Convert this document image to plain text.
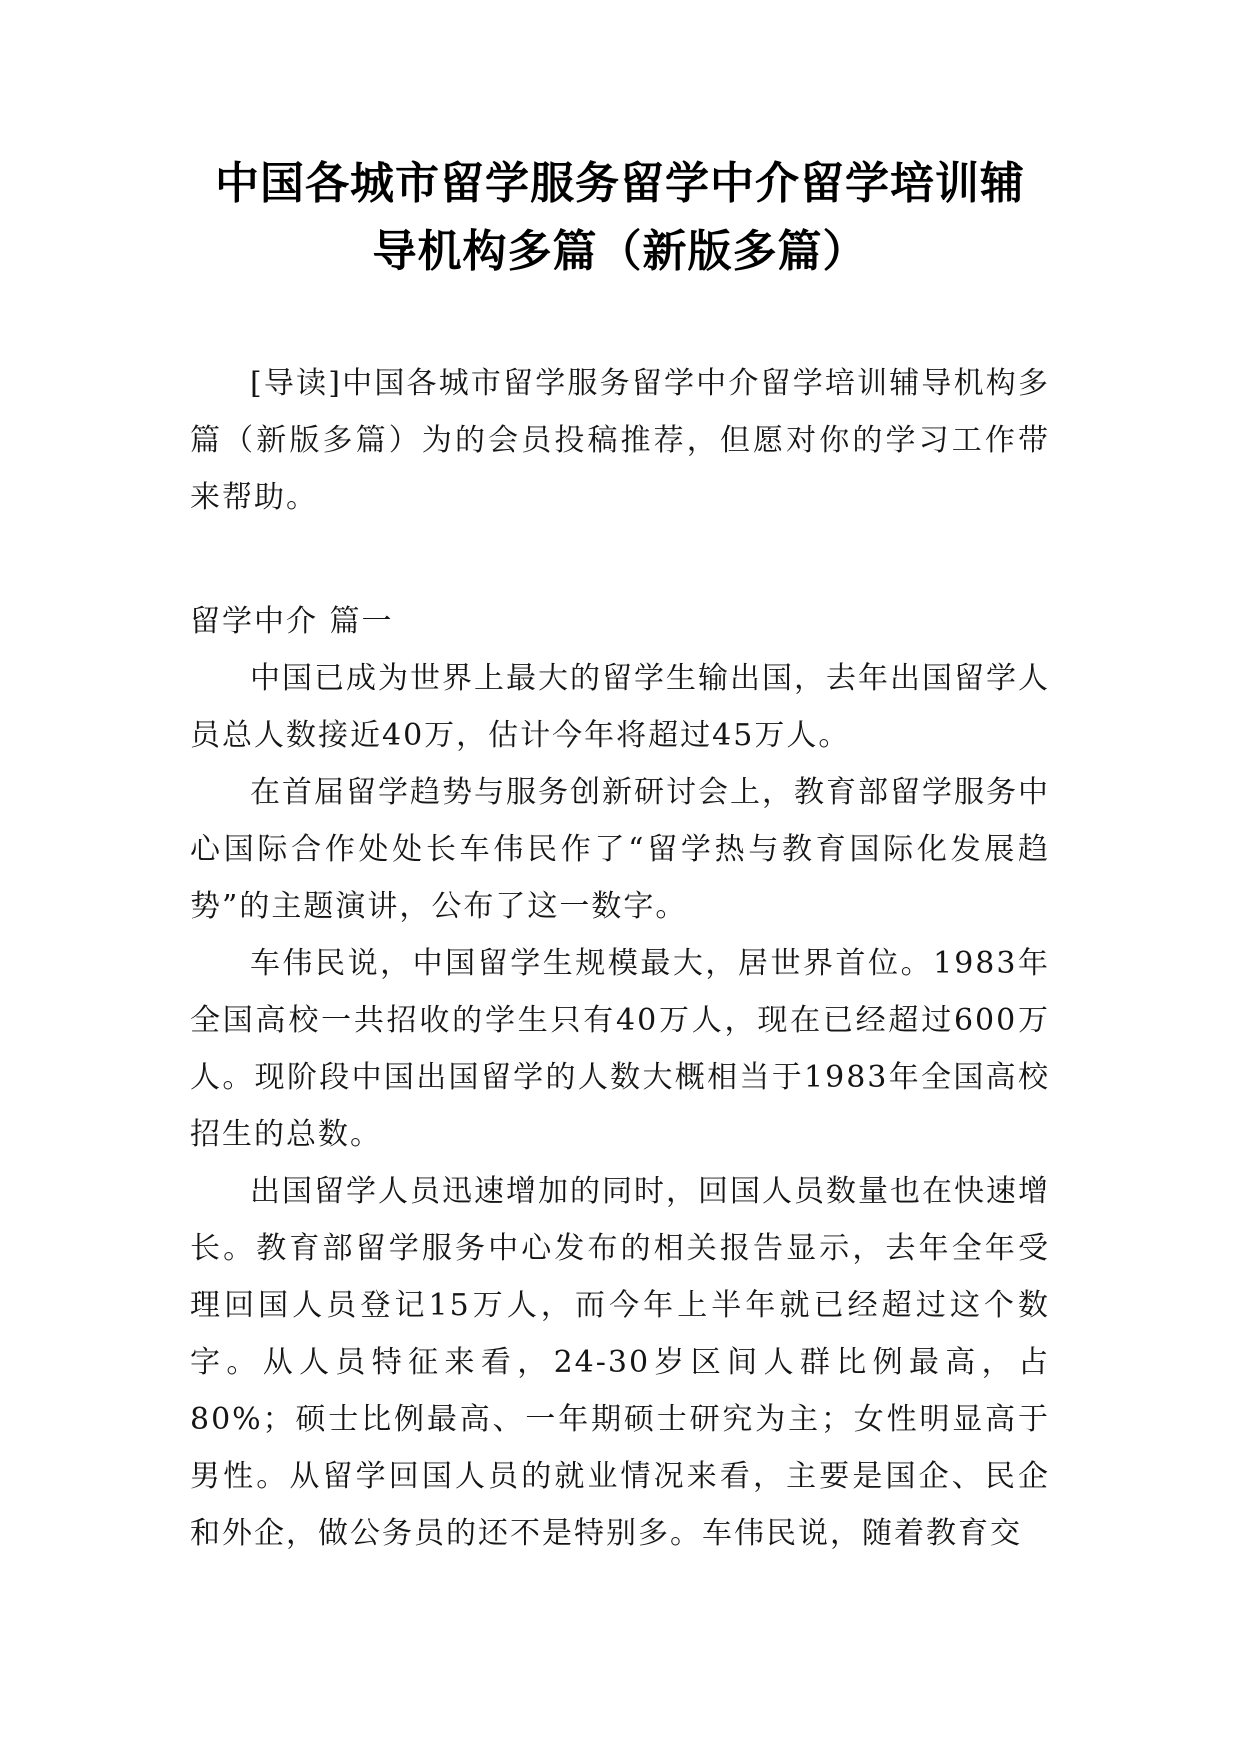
中国各城市留学服务留学中介留学培训辅
导机构多篇（新版多篇）

[导读]中国各城市留学服务留学中介留学培训辅导机构多篇（新版多篇）为的会员投稿推荐，但愿对你的学习工作带来帮助。

留学中介 篇一

中国已成为世界上最大的留学生输出国，去年出国留学人员总人数接近40万，估计今年将超过45万人。

在首届留学趋势与服务创新研讨会上，教育部留学服务中心国际合作处处长车伟民作了“留学热与教育国际化发展趋势”的主题演讲，公布了这一数字。

车伟民说，中国留学生规模最大，居世界首位。1983年全国高校一共招收的学生只有40万人，现在已经超过600万人。现阶段中国出国留学的人数大概相当于1983年全国高校招生的总数。

出国留学人员迅速增加的同时，回国人员数量也在快速增长。教育部留学服务中心发布的相关报告显示，去年全年受理回国人员登记15万人，而今年上半年就已经超过这个数字。从人员特征来看，24-30岁区间人群比例最高，占80%；硕士比例最高、一年期硕士研究为主；女性明显高于男性。从留学回国人员的就业情况来看，主要是国企、民企和外企，做公务员的还不是特别多。车伟民说，随着教育交
